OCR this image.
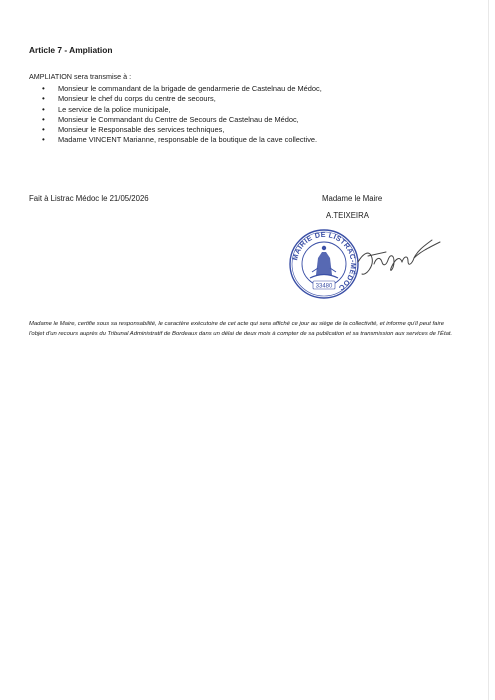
Article 7 - Ampliation
AMPLIATION sera transmise à :
• Monsieur le commandant de la brigade de gendarmerie de Castelnau de Médoc,
• Monsieur le chef du corps du centre de secours,
• Le service de la police municipale,
• Monsieur le Commandant du Centre de Secours de Castelnau de Médoc,
• Monsieur le Responsable des services techniques,
• Madame VINCENT Marianne, responsable de la boutique de la cave collective.
Fait à Listrac Médoc le 21/05/2026	Madame le Maire
A.TEIXEIRA
MAIRIE DE LISTRAC-MÉDOC
33480
Madame le Maire, certifie sous sa responsabilité, le caractère exécutoire de cet acte qui sera affiché ce jour au siège de la collectivité, et informe qu'il peut faire l'objet d'un recours auprès du Tribunal Administratif de Bordeaux dans un délai de deux mois à compter de sa publication et sa transmission aux services de l'État.
